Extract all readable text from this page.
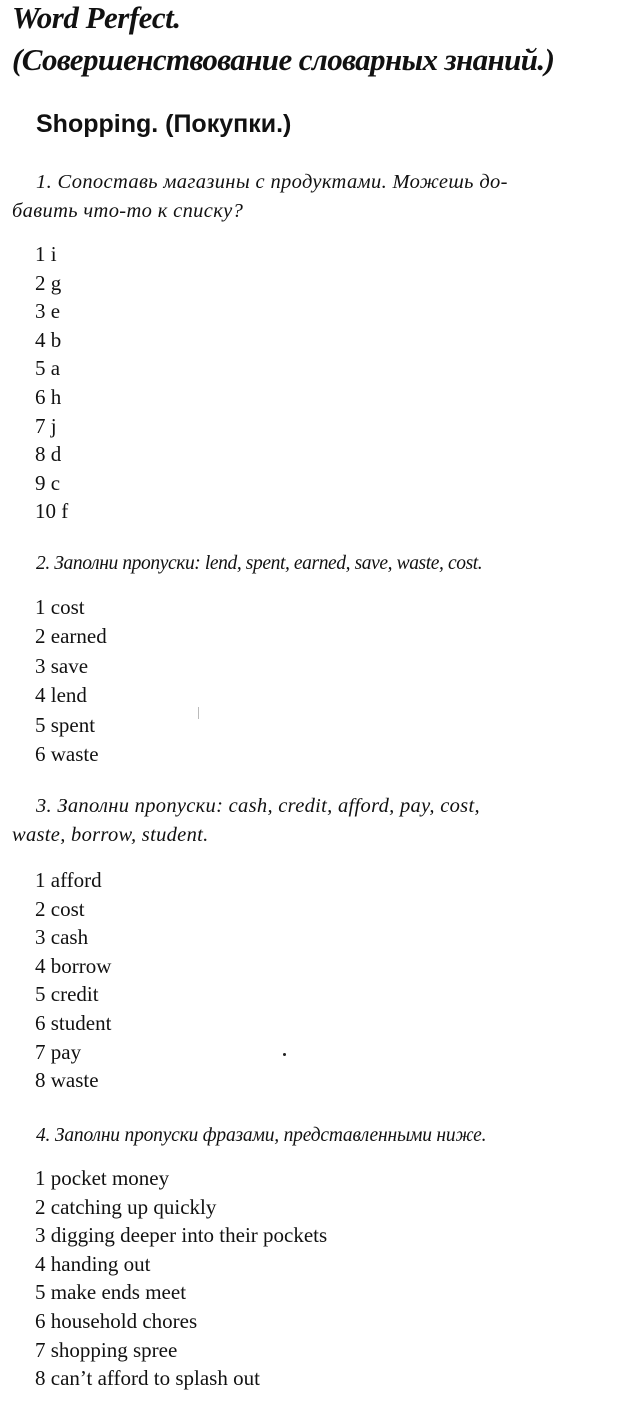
Word Perfect.
(Совершенствование словарных знаний.)
Shopping. (Покупки.)
1. Сопоставь магазины с продуктами. Можешь до-
бавить что-то к списку?
1 i
2 g
3 e
4 b
5 a
6 h
7 j
8 d
9 c
10 f
2. Заполни пропуски: lend, spent, earned, save, waste, cost.
1 cost
2 earned
3 save
4 lend
5 spent
6 waste
3. Заполни пропуски: cash, credit, afford, pay, cost,
waste, borrow, student.
1 afford
2 cost
3 cash
4 borrow
5 credit
6 student
7 pay
8 waste
4. Заполни пропуски фразами, представленными ниже.
1 pocket money
2 catching up quickly
3 digging deeper into their pockets
4 handing out
5 make ends meet
6 household chores
7 shopping spree
8 can’t afford to splash out
